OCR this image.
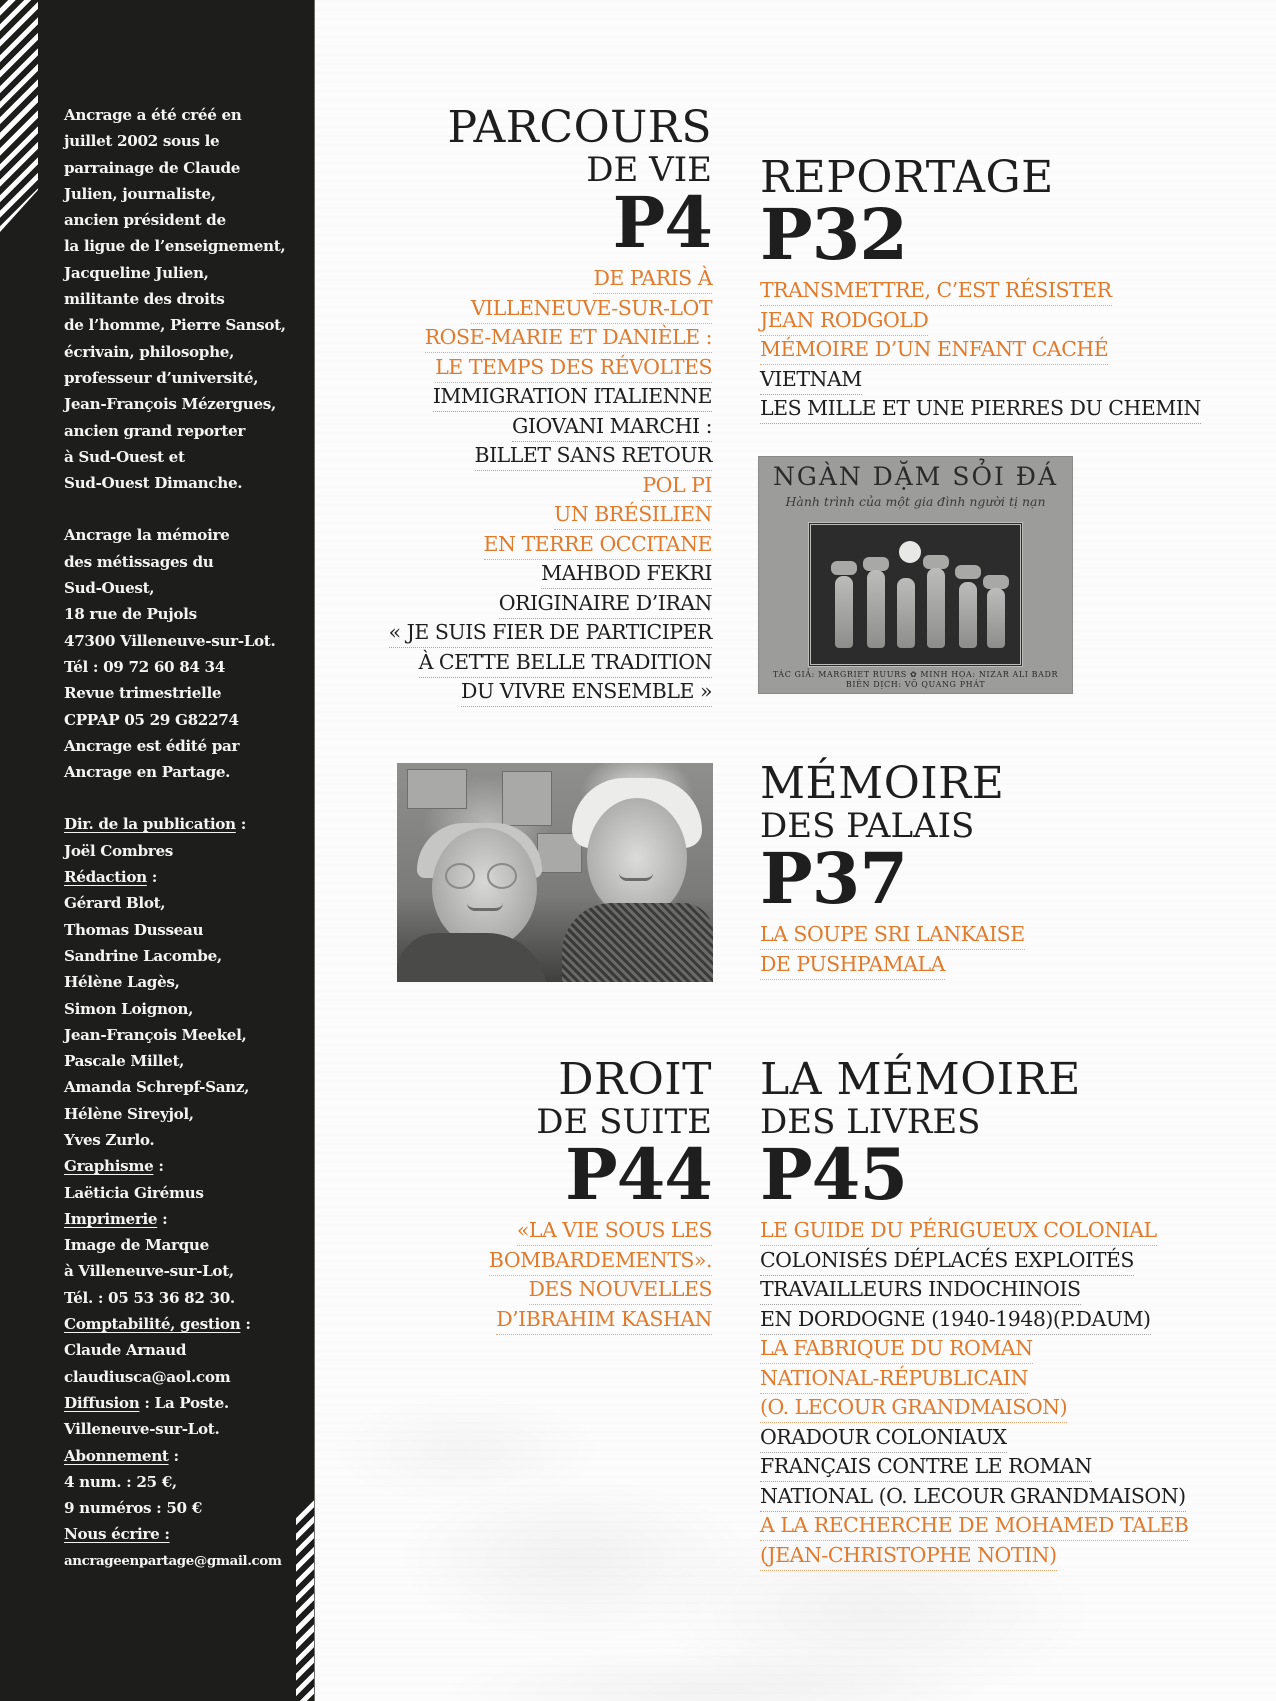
Ancrage a été créé en
juillet 2002 sous le
parrainage de Claude
Julien, journaliste,
ancien président de
la ligue de l’enseignement,
Jacqueline Julien,
militante des droits
de l’homme, Pierre Sansot,
écrivain, philosophe,
professeur d’université,
Jean-François Mézergues,
ancien grand reporter
à Sud-Ouest et
Sud-Ouest Dimanche.
Ancrage la mémoire
des métissages du
Sud-Ouest,
18 rue de Pujols
47300 Villeneuve-sur-Lot.
Tél : 09 72 60 84 34
Revue trimestrielle
CPPAP 05 29 G82274
Ancrage est édité par
Ancrage en Partage.
Dir. de la publication :
Joël Combres
Rédaction :
Gérard Blot,
Thomas Dusseau
Sandrine Lacombe,
Hélène Lagès,
Simon Loignon,
Jean-François Meekel,
Pascale Millet,
Amanda Schrepf-Sanz,
Hélène Sireyjol,
Yves Zurlo.
Graphisme :
Laëticia Girémus
Imprimerie :
Image de Marque
à Villeneuve-sur-Lot,
Tél. : 05 53 36 82 30.
Comptabilité, gestion :
Claude Arnaud
claudiusca@aol.com
Diffusion : La Poste.
Villeneuve-sur-Lot.
Abonnement :
4 num. : 25 €,
9 numéros : 50 €
Nous écrire :
ancrageenpartage@gmail.com
PARCOURS
DE VIE
P4
DE PARIS À
VILLENEUVE-SUR-LOT
ROSE-MARIE ET DANIÈLE :
LE TEMPS DES RÉVOLTES
IMMIGRATION ITALIENNE
GIOVANI MARCHI :
BILLET SANS RETOUR
POL PI
UN BRÉSILIEN
EN TERRE OCCITANE
MAHBOD FEKRI
ORIGINAIRE D’IRAN
« JE SUIS FIER DE PARTICIPER
À CETTE BELLE TRADITION
DU VIVRE ENSEMBLE »
REPORTAGE
P32
TRANSMETTRE, C’EST RÉSISTER
JEAN RODGOLD
MÉMOIRE D’UN ENFANT CACHÉ
VIETNAM
LES MILLE ET UNE PIERRES DU CHEMIN
NGÀN DẶM SỎI ĐÁ
Hành trình của một gia đình người tị nạn
TÁC GIẢ: MARGRIET RUURS ✿ MINH HỌA: NIZAR ALI BADR
BIÊN DỊCH: VÕ QUANG PHÁT
MÉMOIRE
DES PALAIS
P37
LA SOUPE SRI LANKAISE
DE PUSHPAMALA
DROIT
DE SUITE
P44
«LA VIE SOUS LES
BOMBARDEMENTS».
DES NOUVELLES
D’IBRAHIM KASHAN
LA MÉMOIRE
DES LIVRES
P45
LE GUIDE DU PÉRIGUEUX COLONIAL
COLONISÉS DÉPLACÉS EXPLOITÉS
TRAVAILLEURS INDOCHINOIS
EN DORDOGNE (1940-1948)(P.DAUM)
LA FABRIQUE DU ROMAN
NATIONAL-RÉPUBLICAIN
(O. LECOUR GRANDMAISON)
ORADOUR COLONIAUX
FRANÇAIS CONTRE LE ROMAN
NATIONAL (O. LECOUR GRANDMAISON)
A LA RECHERCHE DE MOHAMED TALEB
(JEAN-CHRISTOPHE NOTIN)
